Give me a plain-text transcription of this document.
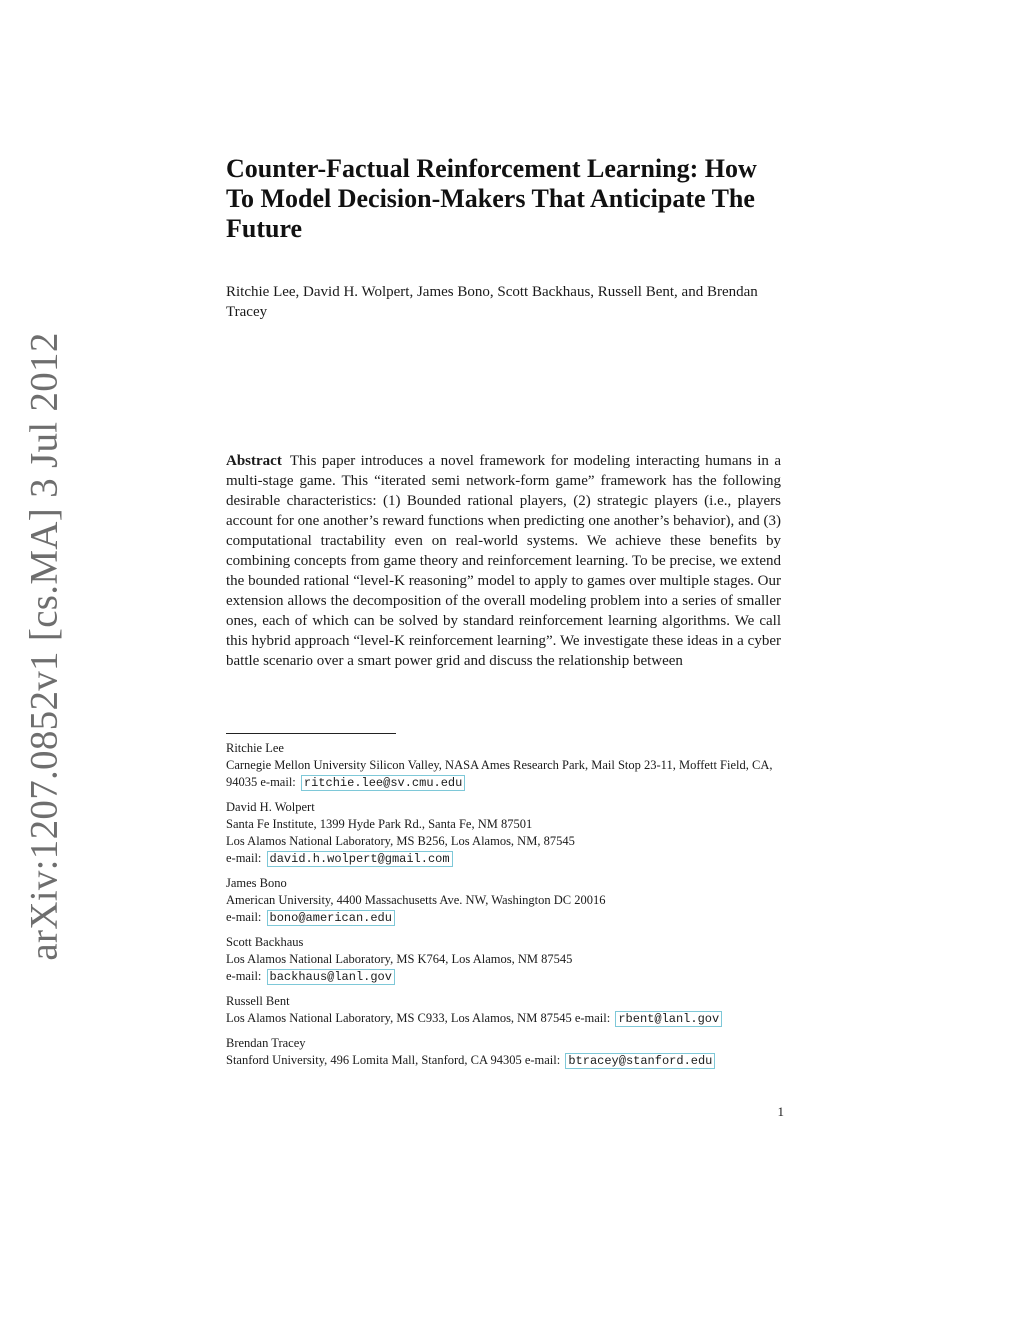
arXiv:1207.0852v1 [cs.MA] 3 Jul 2012
Counter-Factual Reinforcement Learning: How To Model Decision-Makers That Anticipate The Future

Ritchie Lee, David H. Wolpert, James Bono, Scott Backhaus, Russell Bent, and Brendan Tracey

Abstract This paper introduces a novel framework for modeling interacting humans in a multi-stage game. This “iterated semi network-form game” framework has the following desirable characteristics: (1) Bounded rational players, (2) strategic players (i.e., players account for one another’s reward functions when predicting one another’s behavior), and (3) computational tractability even on real-world systems. We achieve these benefits by combining concepts from game theory and reinforcement learning. To be precise, we extend the bounded rational “level-K reasoning” model to apply to games over multiple stages. Our extension allows the decomposition of the overall modeling problem into a series of smaller ones, each of which can be solved by standard reinforcement learning algorithms. We call this hybrid approach “level-K reinforcement learning”. We investigate these ideas in a cyber battle scenario over a smart power grid and discuss the relationship between

Ritchie Lee
Carnegie Mellon University Silicon Valley, NASA Ames Research Park, Mail Stop 23-11, Moffett Field, CA, 94035 e-mail: ritchie.lee@sv.cmu.edu
David H. Wolpert
Santa Fe Institute, 1399 Hyde Park Rd., Santa Fe, NM 87501
Los Alamos National Laboratory, MS B256, Los Alamos, NM, 87545
e-mail: david.h.wolpert@gmail.com
James Bono
American University, 4400 Massachusetts Ave. NW, Washington DC 20016
e-mail: bono@american.edu
Scott Backhaus
Los Alamos National Laboratory, MS K764, Los Alamos, NM 87545
e-mail: backhaus@lanl.gov
Russell Bent
Los Alamos National Laboratory, MS C933, Los Alamos, NM 87545 e-mail: rbent@lanl.gov
Brendan Tracey
Stanford University, 496 Lomita Mall, Stanford, CA 94305 e-mail: btracey@stanford.edu
1
